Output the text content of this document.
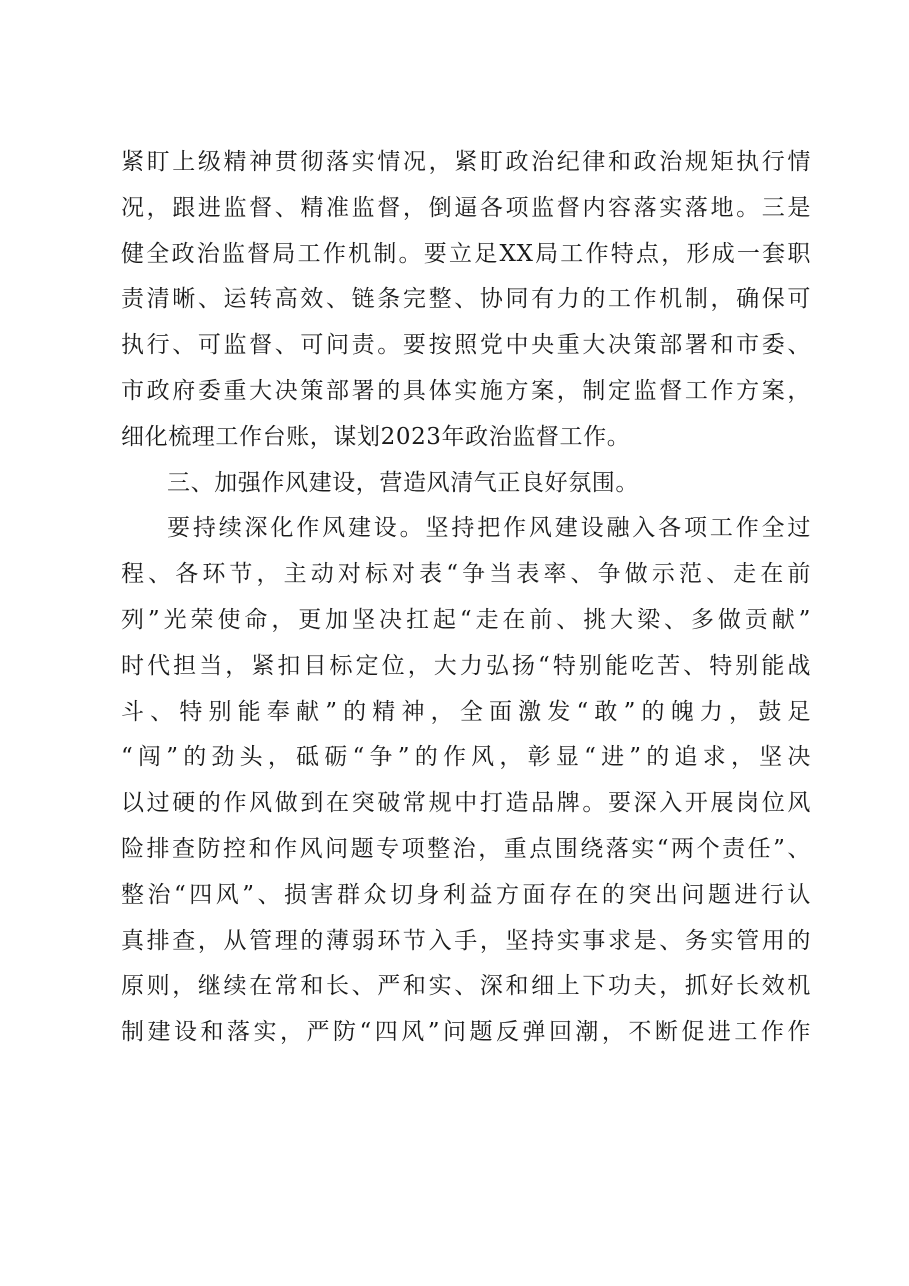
紧盯上级精神贯彻落实情况，紧盯政治纪律和政治规矩执行情
况，跟进监督、精准监督，倒逼各项监督内容落实落地。三是
健全政治监督局工作机制。要立足XX局工作特点，形成一套职
责清晰、运转高效、链条完整、协同有力的工作机制，确保可
执行、可监督、可问责。要按照党中央重大决策部署和市委、
市政府委重大决策部署的具体实施方案，制定监督工作方案，
细化梳理工作台账，谋划2023年政治监督工作。
三、加强作风建设，营造风清气正良好氛围。
要持续深化作风建设。坚持把作风建设融入各项工作全过
程、各环节，主动对标对表“争当表率、争做示范、走在前
列”光荣使命，更加坚决扛起“走在前、挑大梁、多做贡献”
时代担当，紧扣目标定位，大力弘扬“特别能吃苦、特别能战
斗、特别能奉献”的精神，全面激发“敢”的魄力，鼓足
“闯”的劲头，砥砺“争”的作风，彰显“进”的追求，坚决
以过硬的作风做到在突破常规中打造品牌。要深入开展岗位风
险排查防控和作风问题专项整治，重点围绕落实“两个责任”、
整治“四风”、损害群众切身利益方面存在的突出问题进行认
真排查，从管理的薄弱环节入手，坚持实事求是、务实管用的
原则，继续在常和长、严和实、深和细上下功夫，抓好长效机
制建设和落实，严防“四风”问题反弹回潮，不断促进工作作
